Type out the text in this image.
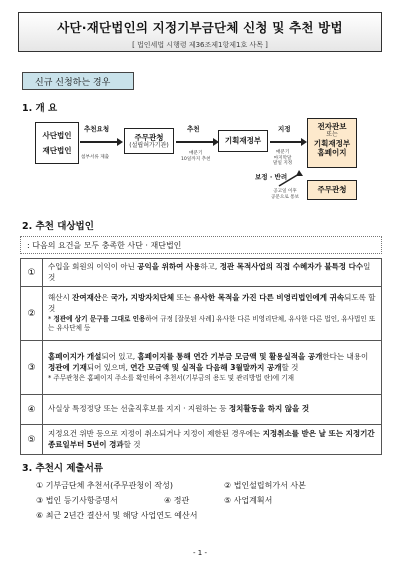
사단·재단법인의 지정기부금단체 신청 및 추천 방법
[ 법인세법 시행령 제36조제1항제1호 사목 ]
신규 신청하는 경우
1. 개 요
사단법인
재단법인
추천요청
첨부서류 제출
주무관청
(설립허가기관)
추천
매분기
10일까지 추천
기획재정부
지정
매분기
마지막달
말일 지정
전자관보
또는
기획재정부
홈페이지
보정 · 반려
공고일 이후
공문으로 통보
주무관청
2. 추천 대상법인
: 다음의 요건을 모두 충족한 사단 · 재단법인
①	수입을 회원의 이익이 아닌 공익을 위하여 사용하고, 정관 목적사업의 직접 수혜자가 불특정 다수일 것
②	해산시 잔여재산은 국가, 지방자치단체 또는 유사한 목적을 가진 다른 비영리법인에게 귀속되도록 할 것
* 정관에 상기 문구를 그대로 인용하여 규정 [잘못된 사례] 유사한 다른 비영리단체, 유사한 다른 법인, 유사법인 또는 유사단체 등

③	홈페이지가 개설되어 있고, 홈페이지를 통해 연간 기부금 모금액 및 활용실적을 공개한다는 내용이 정관에 기재되어 있으며, 연간 모금액 및 실적을 다음해 3월말까지 공개할 것
* 주무관청은 홈페이지 주소를 확인하여 추천서(기부금의 용도 및 관리방법 란)에 기재

④	사실상 특정정당 또는 선출직후보를 지지 · 지원하는 등 정치활동을 하지 않을 것
⑤	지정요건 위반 등으로 지정이 취소되거나 지정이 제한된 경우에는 지정취소를 받은 날 또는 지정기간 종료일부터 5년이 경과할 것
3. 추천시 제출서류
① 기부금단체 추천서(주무관청이 작성)	② 법인설립허가서 사본
③ 법인 등기사항증명서	④ 정관	⑤ 사업계획서
⑥ 최근 2년간 결산서 및 해당 사업연도 예산서
- 1 -
